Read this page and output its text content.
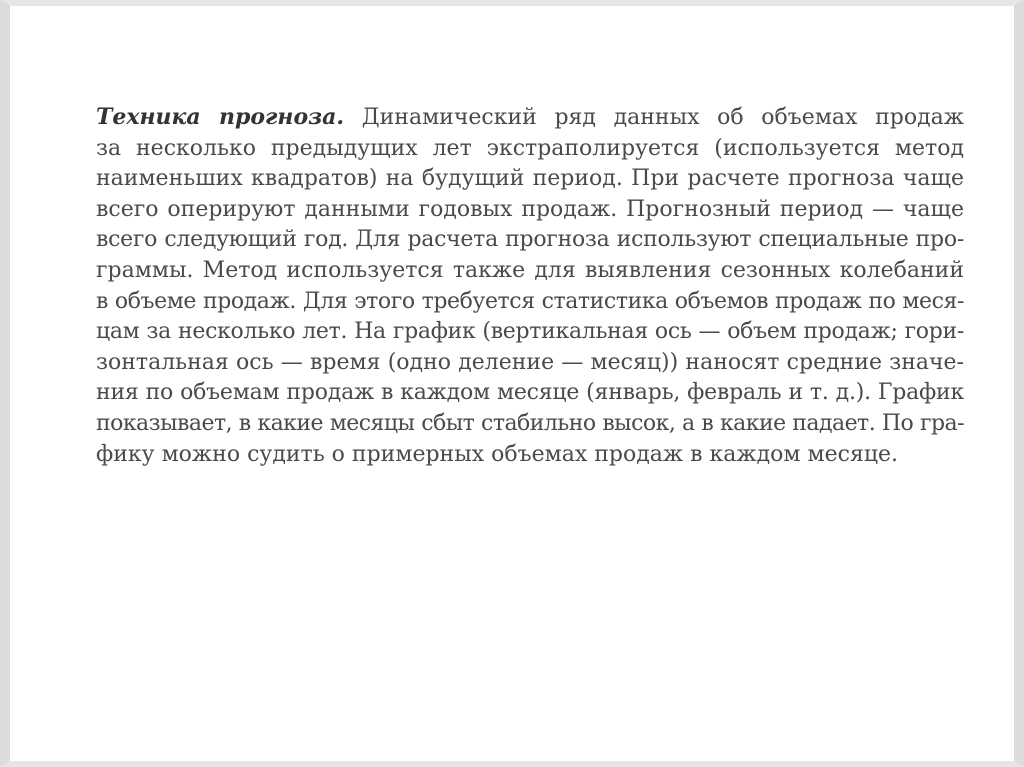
Техника прогноза. Динамический ряд данных об объемах продаж
за несколько предыдущих лет экстраполируется (используется метод
наименьших квадратов) на будущий период. При расчете прогноза чаще
всего оперируют данными годовых продаж. Прогнозный период — чаще
всего следующий год. Для расчета прогноза используют специальные про-
граммы. Метод используется также для выявления сезонных колебаний
в объеме продаж. Для этого требуется статистика объемов продаж по меся-
цам за несколько лет. На график (вертикальная ось — объем продаж; гори-
зонтальная ось — время (одно деление — месяц)) наносят средние значе-
ния по объемам продаж в каждом месяце (январь, февраль и т. д.). График
показывает, в какие месяцы сбыт стабильно высок, а в какие падает. По гра-
фику можно судить о примерных объемах продаж в каждом месяце.
